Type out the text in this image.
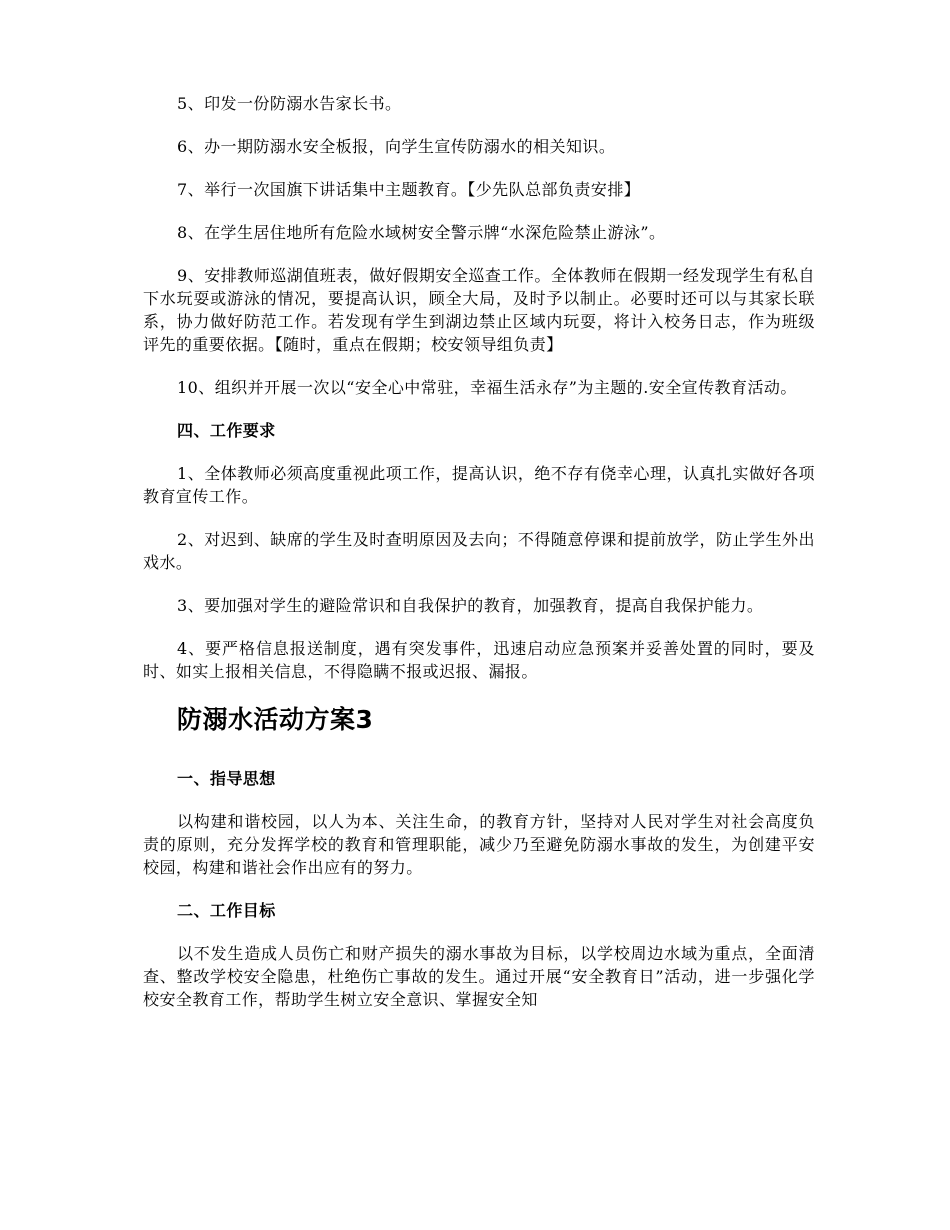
5、印发一份防溺水告家长书。

6、办一期防溺水安全板报，向学生宣传防溺水的相关知识。

7、举行一次国旗下讲话集中主题教育。【少先队总部负责安排】

8、在学生居住地所有危险水域树安全警示牌“水深危险禁止游泳”。

9、安排教师巡湖值班表，做好假期安全巡查工作。全体教师在假期一经发现学生有私自下水玩耍或游泳的情况，要提高认识，顾全大局，及时予以制止。必要时还可以与其家长联系，协力做好防范工作。若发现有学生到湖边禁止区域内玩耍，将计入校务日志，作为班级评先的重要依据。【随时，重点在假期；校安领导组负责】

10、组织并开展一次以“安全心中常驻，幸福生活永存”为主题的.安全宣传教育活动。

四、工作要求

1、全体教师必须高度重视此项工作，提高认识，绝不存有侥幸心理，认真扎实做好各项教育宣传工作。

2、对迟到、缺席的学生及时查明原因及去向；不得随意停课和提前放学，防止学生外出戏水。

3、要加强对学生的避险常识和自我保护的教育，加强教育，提高自我保护能力。

4、要严格信息报送制度，遇有突发事件，迅速启动应急预案并妥善处置的同时，要及时、如实上报相关信息，不得隐瞒不报或迟报、漏报。

防溺水活动方案3

一、指导思想

以构建和谐校园，以人为本、关注生命，的教育方针，坚持对人民对学生对社会高度负责的原则，充分发挥学校的教育和管理职能，减少乃至避免防溺水事故的发生，为创建平安校园，构建和谐社会作出应有的努力。

二、工作目标

以不发生造成人员伤亡和财产损失的溺水事故为目标，以学校周边水域为重点，全面清查、整改学校安全隐患，杜绝伤亡事故的发生。通过开展“安全教育日”活动，进一步强化学校安全教育工作，帮助学生树立安全意识、掌握安全知
